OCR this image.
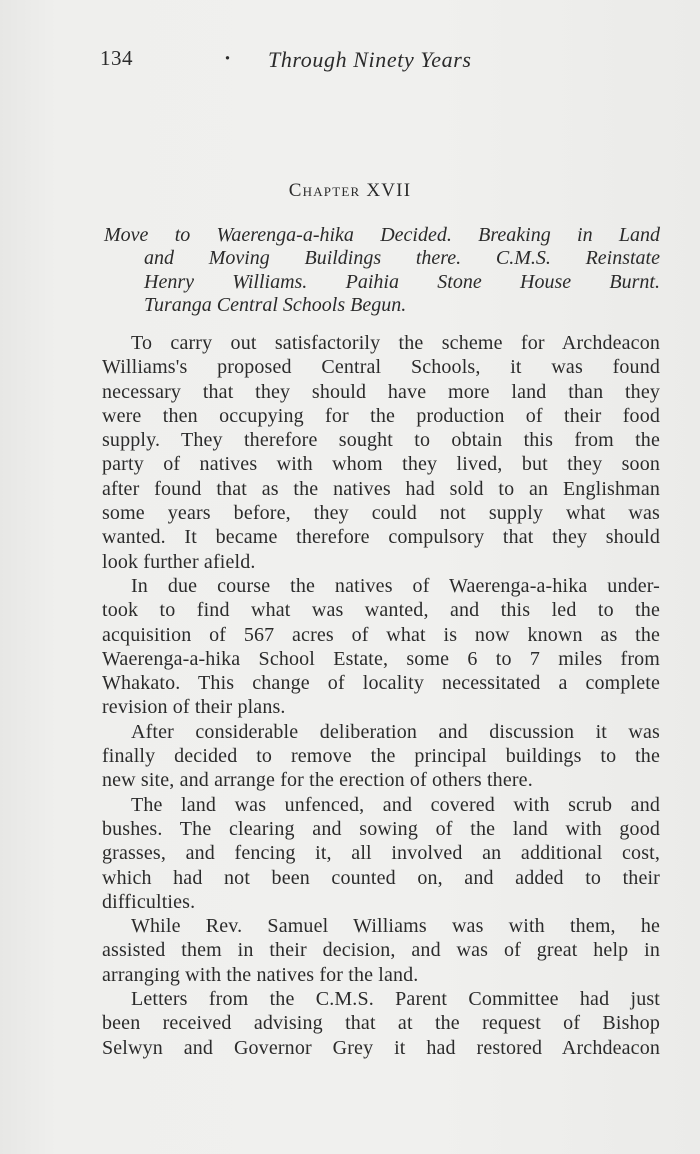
134	· Through Ninety Years
Chapter XVII
Move to Waerenga-a-hika Decided. Breaking in Land
and Moving Buildings there. C.M.S. Reinstate
Henry Williams. Paihia Stone House Burnt.
Turanga Central Schools Begun.
To carry out satisfactorily the scheme for Archdeacon
Williams's proposed Central Schools, it was found
necessary that they should have more land than they
were then occupying for the production of their food
supply. They therefore sought to obtain this from the
party of natives with whom they lived, but they soon
after found that as the natives had sold to an Englishman
some years before, they could not supply what was
wanted. It became therefore compulsory that they should
look further afield.
In due course the natives of Waerenga-a-hika under-
took to find what was wanted, and this led to the
acquisition of 567 acres of what is now known as the
Waerenga-a-hika School Estate, some 6 to 7 miles from
Whakato. This change of locality necessitated a complete
revision of their plans.
After considerable deliberation and discussion it was
finally decided to remove the principal buildings to the
new site, and arrange for the erection of others there.
The land was unfenced, and covered with scrub and
bushes. The clearing and sowing of the land with good
grasses, and fencing it, all involved an additional cost,
which had not been counted on, and added to their
difficulties.
While Rev. Samuel Williams was with them, he
assisted them in their decision, and was of great help in
arranging with the natives for the land.
Letters from the C.M.S. Parent Committee had just
been received advising that at the request of Bishop
Selwyn and Governor Grey it had restored Archdeacon
